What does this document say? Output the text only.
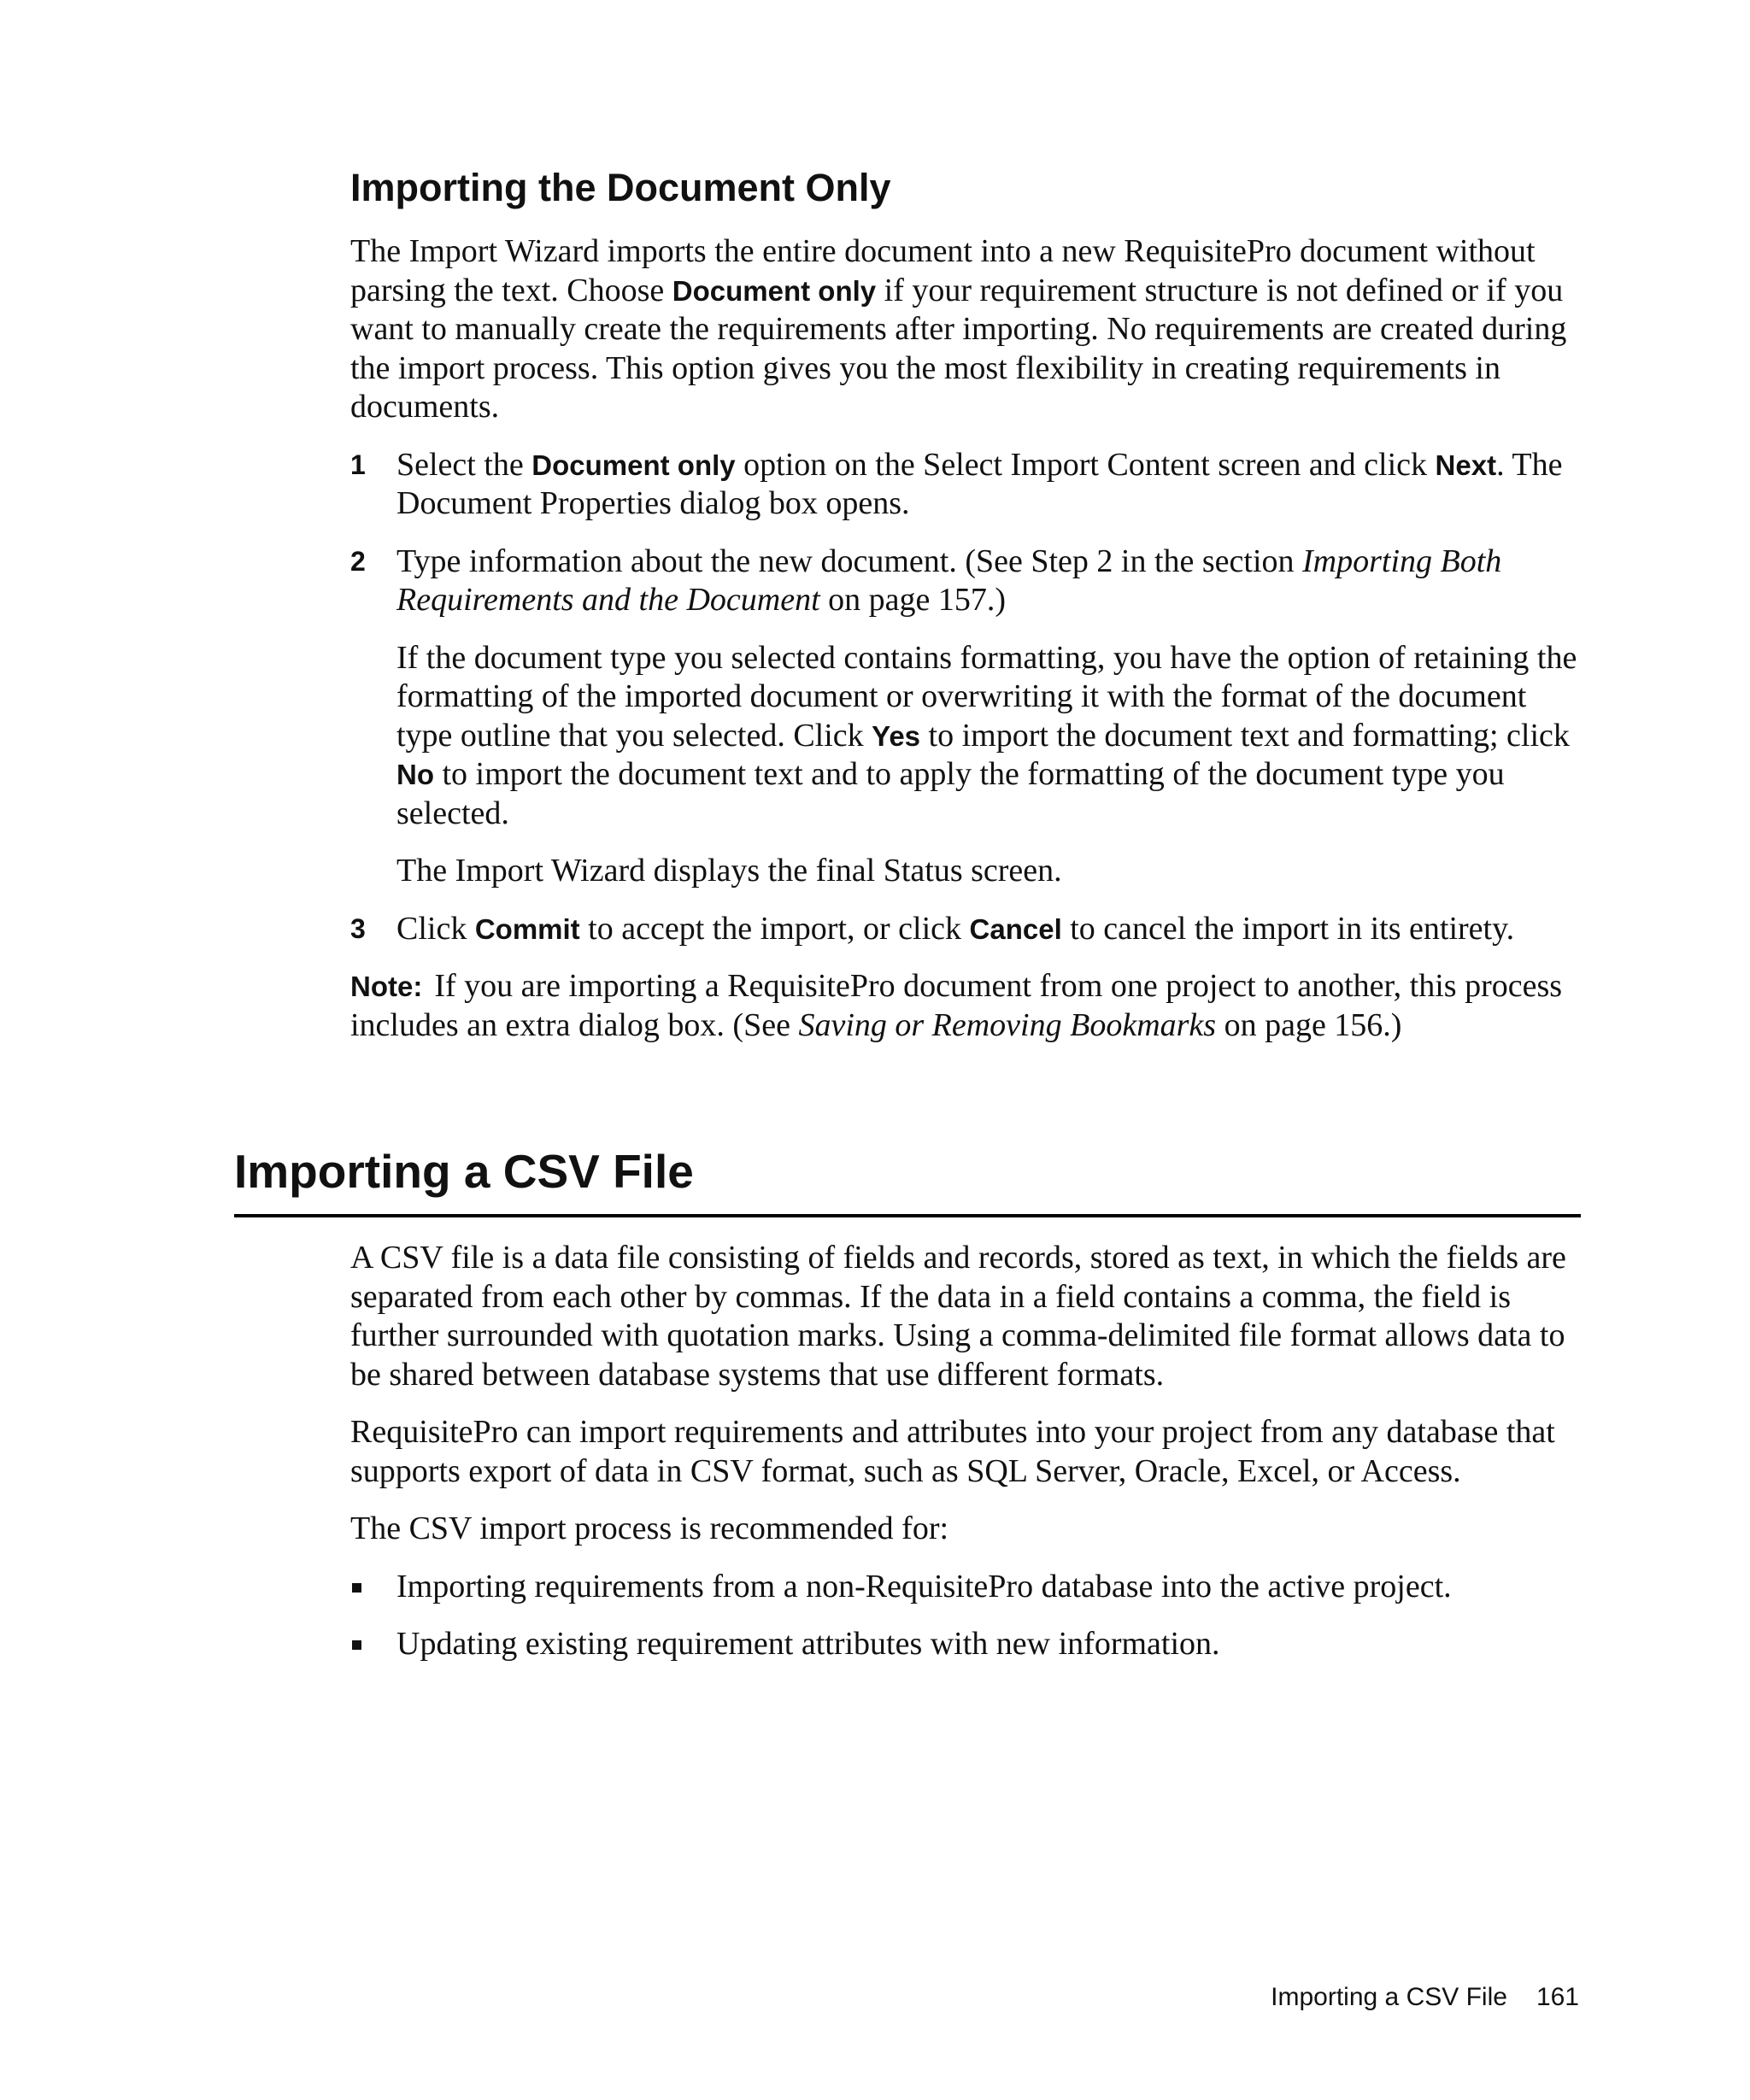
Importing the Document Only

The Import Wizard imports the entire document into a new RequisitePro document without parsing the text. Choose Document only if your requirement structure is not defined or if you want to manually create the requirements after importing. No requirements are created during the import process. This option gives you the most flexibility in creating requirements in documents.

1 Select the Document only option on the Select Import Content screen and click Next. The Document Properties dialog box opens.
2 Type information about the new document. (See Step 2 in the section Importing Both Requirements and the Document on page 157.)

If the document type you selected contains formatting, you have the option of retaining the formatting of the imported document or overwriting it with the format of the document type outline that you selected. Click Yes to import the document text and formatting; click No to import the document text and to apply the formatting of the document type you selected.

The Import Wizard displays the final Status screen.

3 Click Commit to accept the import, or click Cancel to cancel the import in its entirety.

Note: If you are importing a RequisitePro document from one project to another, this process includes an extra dialog box. (See Saving or Removing Bookmarks on page 156.)

Importing a CSV File

A CSV file is a data file consisting of fields and records, stored as text, in which the fields are separated from each other by commas. If the data in a field contains a comma, the field is further surrounded with quotation marks. Using a comma-delimited file format allows data to be shared between database systems that use different formats.

RequisitePro can import requirements and attributes into your project from any database that supports export of data in CSV format, such as SQL Server, Oracle, Excel, or Access.

The CSV import process is recommended for:

Importing requirements from a non-RequisitePro database into the active project.
Updating existing requirement attributes with new information.
Importing a CSV File 161
